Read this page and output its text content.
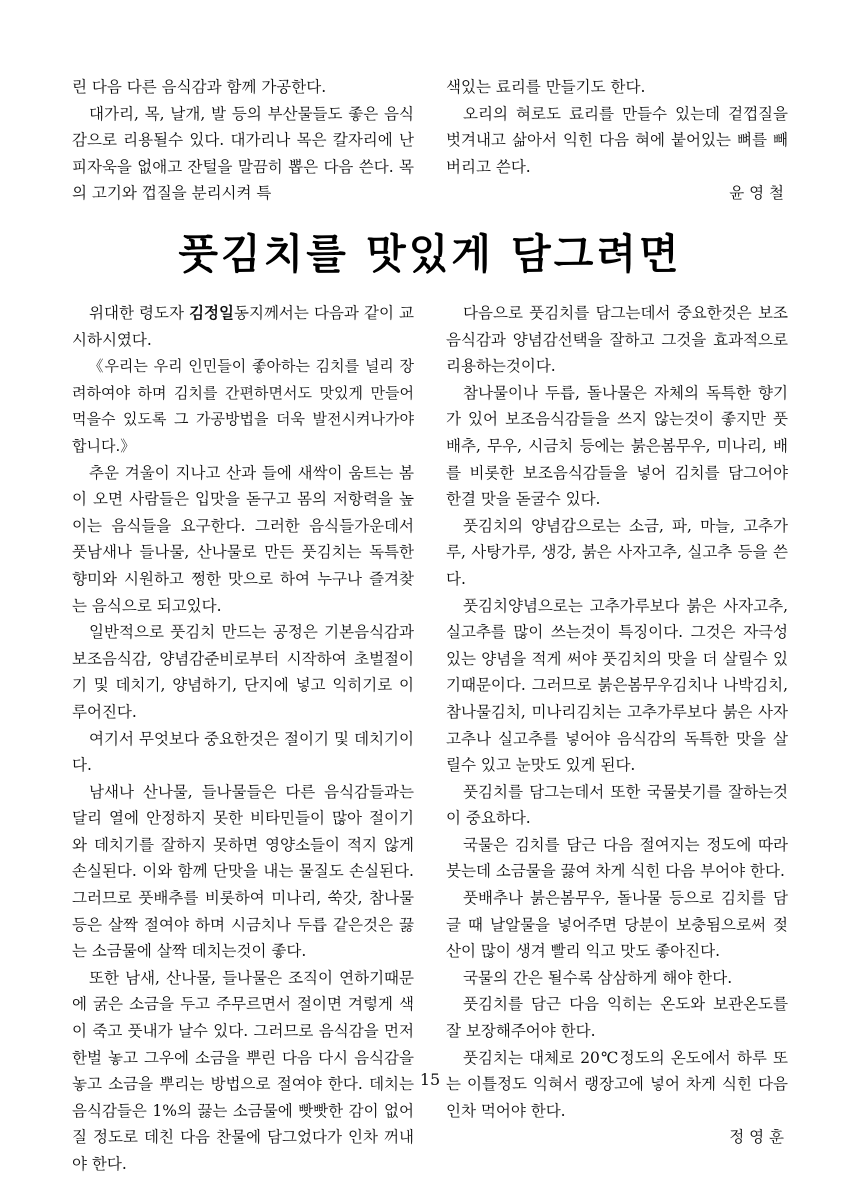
린 다음 다른 음식감과 함께 가공한다.

대가리, 목, 날개, 발 등의 부산물들도 좋은 음식감으로 리용될수 있다. 대가리나 목은 칼자리에 난 피자욱을 없애고 잔털을 말끔히 뽑은 다음 쓴다. 목의 고기와 껍질을 분리시켜 특

색있는 료리를 만들기도 한다.

오리의 혀로도 료리를 만들수 있는데 겉껍질을 벗겨내고 삶아서 익힌 다음 혀에 붙어있는 뼈를 빼버리고 쓴다.

윤 영 철

풋김치를 맛있게 담그려면

위대한 령도자 김정일동지께서는 다음과 같이 교시하시였다.

《우리는 우리 인민들이 좋아하는 김치를 널리 장려하여야 하며 김치를 간편하면서도 맛있게 만들어먹을수 있도록 그 가공방법을 더욱 발전시켜나가야 합니다.》

추운 겨울이 지나고 산과 들에 새싹이 움트는 봄이 오면 사람들은 입맛을 돋구고 몸의 저항력을 높이는 음식들을 요구한다. 그러한 음식들가운데서 풋남새나 들나물, 산나물로 만든 풋김치는 독특한 향미와 시원하고 쩡한 맛으로 하여 누구나 즐겨찾는 음식으로 되고있다.

일반적으로 풋김치 만드는 공정은 기본음식감과 보조음식감, 양념감준비로부터 시작하여 초벌절이기 및 데치기, 양념하기, 단지에 넣고 익히기로 이루어진다.

여기서 무엇보다 중요한것은 절이기 및 데치기이다.

남새나 산나물, 들나물들은 다른 음식감들과는 달리 열에 안정하지 못한 비타민들이 많아 절이기와 데치기를 잘하지 못하면 영양소들이 적지 않게 손실된다. 이와 함께 단맛을 내는 물질도 손실된다. 그러므로 풋배추를 비롯하여 미나리, 쑥갓, 참나물 등은 살짝 절여야 하며 시금치나 두릅 같은것은 끓는 소금물에 살짝 데치는것이 좋다.

또한 남새, 산나물, 들나물은 조직이 연하기때문에 굵은 소금을 두고 주무르면서 절이면 겨렇게 색이 죽고 풋내가 날수 있다. 그러므로 음식감을 먼저 한벌 놓고 그우에 소금을 뿌린 다음 다시 음식감을 놓고 소금을 뿌리는 방법으로 절여야 한다. 데치는 음식감들은 1%의 끓는 소금물에 빳빳한 감이 없어질 정도로 데친 다음 찬물에 담그었다가 인차 꺼내야 한다.

다음으로 풋김치를 담그는데서 중요한것은 보조음식감과 양념감선택을 잘하고 그것을 효과적으로 리용하는것이다.

참나물이나 두릅, 돌나물은 자체의 독특한 향기가 있어 보조음식감들을 쓰지 않는것이 좋지만 풋배추, 무우, 시금치 등에는 붉은봄무우, 미나리, 배를 비롯한 보조음식감들을 넣어 김치를 담그어야 한결 맛을 돋굴수 있다.

풋김치의 양념감으로는 소금, 파, 마늘, 고추가루, 사탕가루, 생강, 붉은 사자고추, 실고추 등을 쓴다.

풋김치양념으로는 고추가루보다 붉은 사자고추, 실고추를 많이 쓰는것이 특징이다. 그것은 자극성있는 양념을 적게 써야 풋김치의 맛을 더 살릴수 있기때문이다. 그러므로 붉은봄무우김치나 나박김치, 참나물김치, 미나리김치는 고추가루보다 붉은 사자고추나 실고추를 넣어야 음식감의 독특한 맛을 살릴수 있고 눈맛도 있게 된다.

풋김치를 담그는데서 또한 국물붓기를 잘하는것이 중요하다.

국물은 김치를 담근 다음 절여지는 정도에 따라 붓는데 소금물을 끓여 차게 식힌 다음 부어야 한다.

풋배추나 붉은봄무우, 돌나물 등으로 김치를 담글 때 날알물을 넣어주면 당분이 보충됨으로써 젖산이 많이 생겨 빨리 익고 맛도 좋아진다.

국물의 간은 될수록 삼삼하게 해야 한다.

풋김치를 담근 다음 익히는 온도와 보관온도를 잘 보장해주어야 한다.

풋김치는 대체로 20℃정도의 온도에서 하루 또는 이틀정도 익혀서 랭장고에 넣어 차게 식힌 다음 인차 먹어야 한다.

정 영 훈

15
